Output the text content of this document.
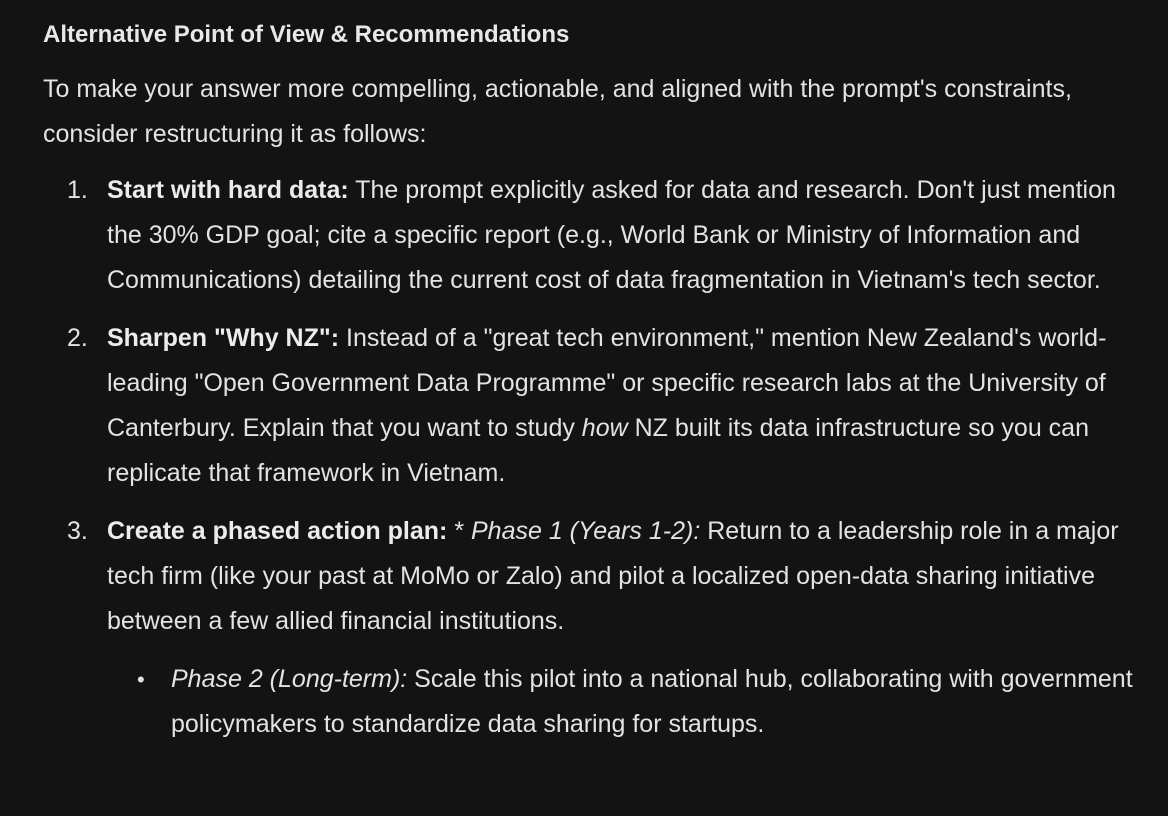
Alternative Point of View & Recommendations

To make your answer more compelling, actionable, and aligned with the prompt's constraints, consider restructuring it as follows:

1. Start with hard data: The prompt explicitly asked for data and research. Don't just mention the 30% GDP goal; cite a specific report (e.g., World Bank or Ministry of Information and Communications) detailing the current cost of data fragmentation in Vietnam's tech sector.
2. Sharpen "Why NZ": Instead of a "great tech environment," mention New Zealand's world-leading "Open Government Data Programme" or specific research labs at the University of Canterbury. Explain that you want to study how NZ built its data infrastructure so you can replicate that framework in Vietnam.
3. Create a phased action plan: * Phase 1 (Years 1-2): Return to a leadership role in a major tech firm (like your past at MoMo or Zalo) and pilot a localized open-data sharing initiative between a few allied financial institutions.
• Phase 2 (Long-term): Scale this pilot into a national hub, collaborating with government policymakers to standardize data sharing for startups.
